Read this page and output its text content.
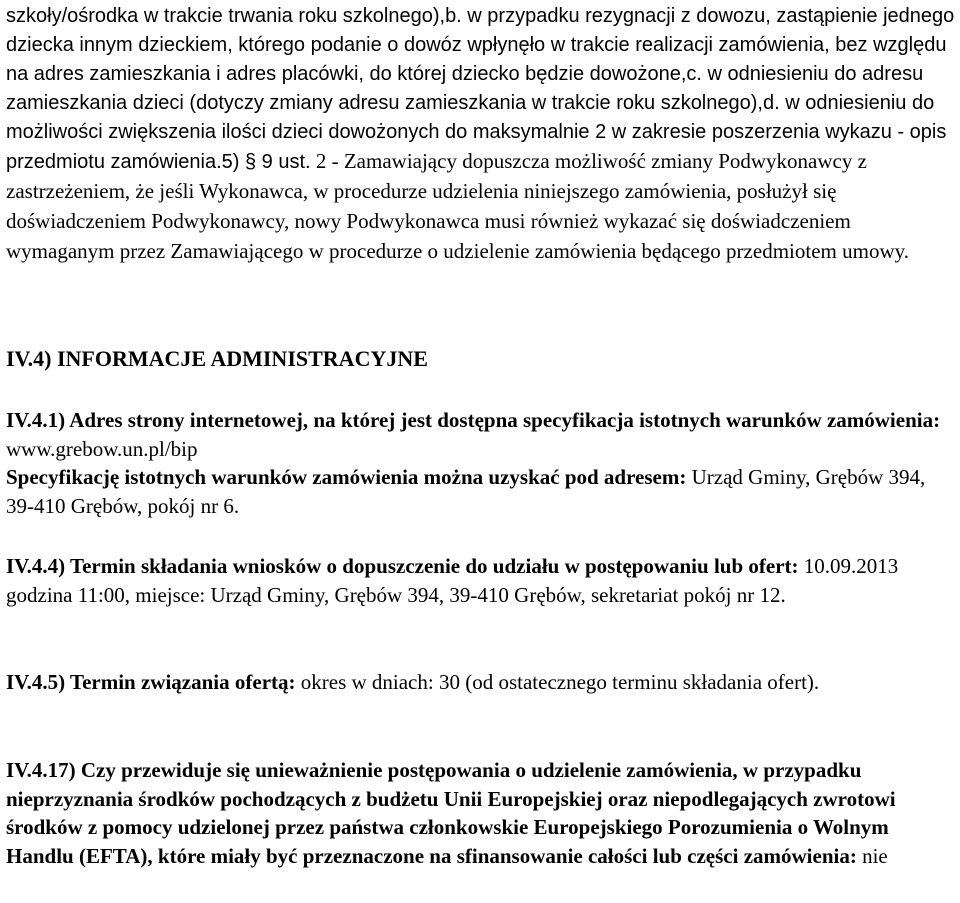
szkoły/ośrodka w trakcie trwania roku szkolnego),b. w przypadku rezygnacji z dowozu, zastąpienie jednego dziecka innym dzieckiem, którego podanie o dowóz wpłynęło w trakcie realizacji zamówienia, bez względu na adres zamieszkania i adres placówki, do której dziecko będzie dowożone,c. w odniesieniu do adresu zamieszkania dzieci (dotyczy zmiany adresu zamieszkania w trakcie roku szkolnego),d. w odniesieniu do możliwości zwiększenia ilości dzieci dowożonych do maksymalnie 2 w zakresie poszerzenia wykazu - opis przedmiotu zamówienia.5) § 9 ust. 2 - Zamawiający dopuszcza możliwość zmiany Podwykonawcy z zastrzeżeniem, że jeśli Wykonawca, w procedurze udzielenia niniejszego zamówienia, posłużył się doświadczeniem Podwykonawcy, nowy Podwykonawca musi również wykazać się doświadczeniem wymaganym przez Zamawiającego w procedurze o udzielenie zamówienia będącego przedmiotem umowy.

IV.4) INFORMACJE ADMINISTRACYJNE

IV.4.1) Adres strony internetowej, na której jest dostępna specyfikacja istotnych warunków zamówienia: www.grebow.un.pl/bip

Specyfikację istotnych warunków zamówienia można uzyskać pod adresem: Urząd Gminy, Grębów 394, 39-410 Grębów, pokój nr 6.

IV.4.4) Termin składania wniosków o dopuszczenie do udziału w postępowaniu lub ofert: 10.09.2013 godzina 11:00, miejsce: Urząd Gminy, Grębów 394, 39-410 Grębów, sekretariat pokój nr 12.

IV.4.5) Termin związania ofertą: okres w dniach: 30 (od ostatecznego terminu składania ofert).

IV.4.17) Czy przewiduje się unieważnienie postępowania o udzielenie zamówienia, w przypadku nieprzyznania środków pochodzących z budżetu Unii Europejskiej oraz niepodlegających zwrotowi środków z pomocy udzielonej przez państwa członkowskie Europejskiego Porozumienia o Wolnym Handlu (EFTA), które miały być przeznaczone na sfinansowanie całości lub części zamówienia: nie
